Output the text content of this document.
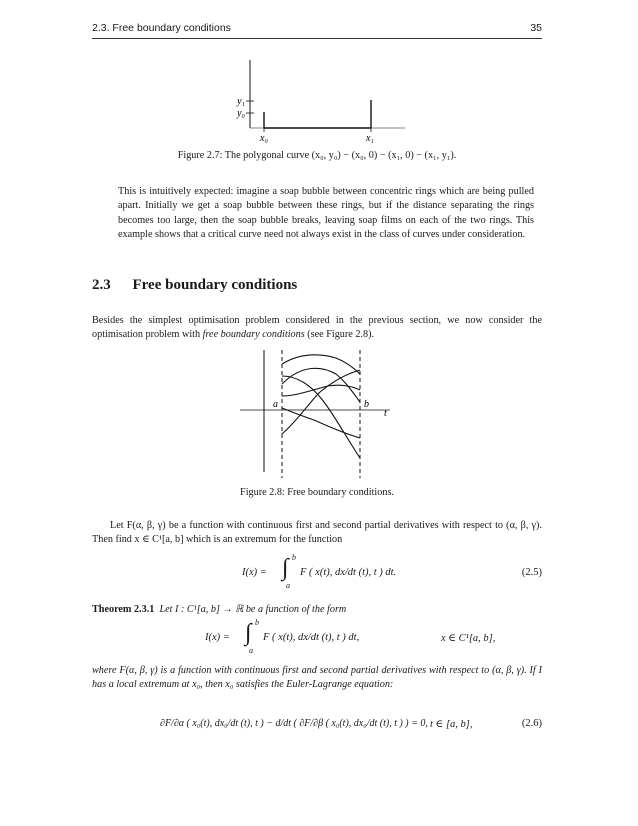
2.3. Free boundary conditions	35
y₁
y₀
x₀	x₁
Figure 2.7: The polygonal curve (x₀, y₀) − (x₀, 0) − (x₁, 0) − (x₁, y₁).
This is intuitively expected: imagine a soap bubble between concentric rings which are being pulled apart. Initially we get a soap bubble between these rings, but if the distance separating the rings becomes too large, then the soap bubble breaks, leaving soap films on each of the two rings. This example shows that a critical curve need not always exist in the class of curves under consideration.
2.3 Free boundary conditions
Besides the simplest optimisation problem considered in the previous section, we now consider the optimisation problem with free boundary conditions (see Figure 2.8).
a	b
t
Figure 2.8: Free boundary conditions.
Let F(α, β, γ) be a function with continuous first and second partial derivatives with respect to (α, β, γ). Then find x ∈ C¹[a, b] which is an extremum for the function
I(x) = ∫ b
a
F ( x(t), dx/dt (t), t ) dt.	(2.5)
Theorem 2.3.1 Let I : C¹[a, b] → ℝ be a function of the form
I(x) = ∫ b
a
F ( x(t), dx/dt (t), t ) dt,	x ∈ C¹[a, b],
where F(α, β, γ) is a function with continuous first and second partial derivatives with respect to (α, β, γ). If I has a local extremum at x₀, then x₀ satisfies the Euler-Lagrange equation:
∂F/∂α ( x₀(t), dx₀/dt (t), t ) − d/dt ( ∂F/∂β ( x₀(t), dx₀/dt (t), t ) ) = 0, t ∈ [a, b],	(2.6)
